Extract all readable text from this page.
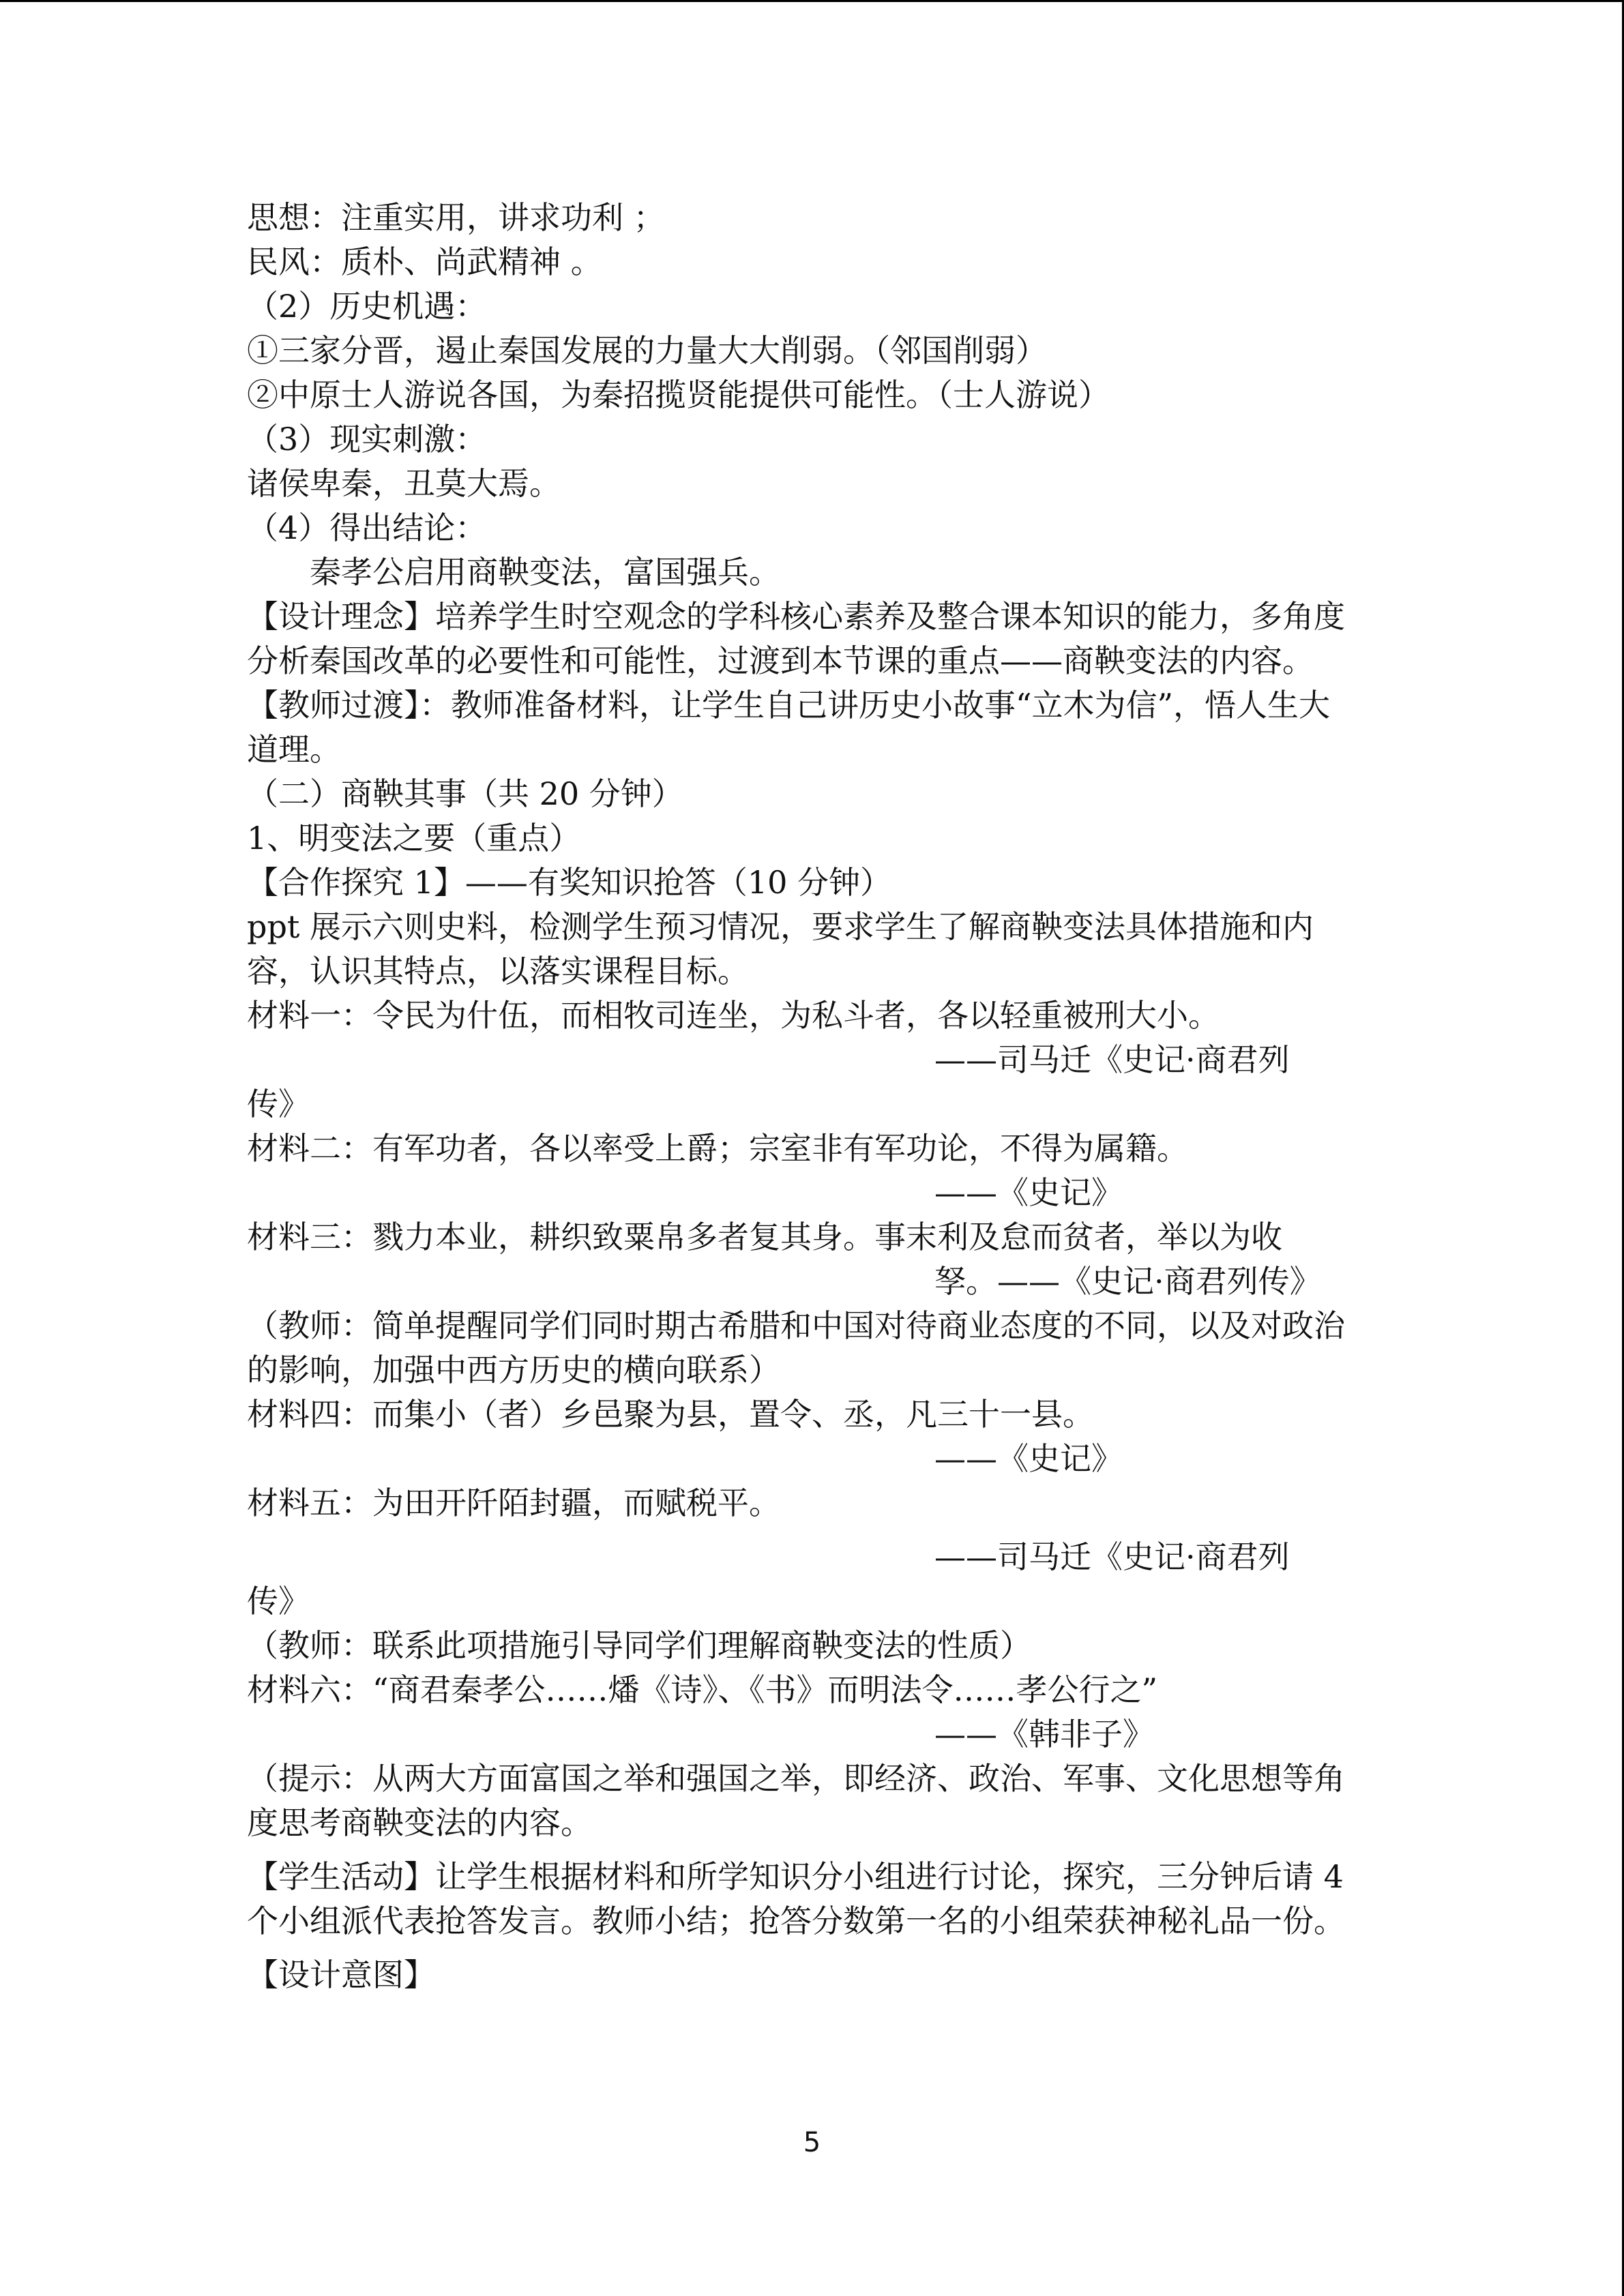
思想：注重实用，讲求功利 ；
民风：质朴、尚武精神 。
（2）历史机遇：
①三家分晋，遏止秦国发展的力量大大削弱。（邻国削弱）
②中原士人游说各国，为秦招揽贤能提供可能性。（士人游说）
（3）现实刺激：
诸侯卑秦，丑莫大焉。
（4）得出结论：
秦孝公启用商鞅变法，富国强兵。
【设计理念】培养学生时空观念的学科核心素养及整合课本知识的能力，多角度分析秦国改革的必要性和可能性，过渡到本节课的重点——商鞅变法的内容。
【教师过渡】：教师准备材料，让学生自己讲历史小故事“立木为信”，悟人生大道理。
（二）商鞅其事（共 20 分钟）
1、明变法之要（重点）
【合作探究 1】——有奖知识抢答（10 分钟）
ppt 展示六则史料，检测学生预习情况，要求学生了解商鞅变法具体措施和内容，认识其特点，以落实课程目标。
材料一：令民为什伍，而相牧司连坐，为私斗者，各以轻重被刑大小。
——司马迁《史记·商君列
传》
材料二：有军功者，各以率受上爵；宗室非有军功论，不得为属籍。
——《史记》
材料三：戮力本业，耕织致粟帛多者复其身。事末利及怠而贫者，举以为收
孥。——《史记·商君列传》
（教师：简单提醒同学们同时期古希腊和中国对待商业态度的不同，以及对政治的影响，加强中西方历史的横向联系）
材料四：而集小（者）乡邑聚为县，置令、丞，凡三十一县。
——《史记》
材料五：为田开阡陌封疆，而赋税平。
——司马迁《史记·商君列
传》
（教师：联系此项措施引导同学们理解商鞅变法的性质）
材料六：“商君秦孝公……燔《诗》、《书》而明法令……孝公行之”
——《韩非子》
（提示：从两大方面富国之举和强国之举，即经济、政治、军事、文化思想等角度思考商鞅变法的内容。
【学生活动】让学生根据材料和所学知识分小组进行讨论，探究，三分钟后请 4 个小组派代表抢答发言。教师小结；抢答分数第一名的小组荣获神秘礼品一份。
【设计意图】
5
